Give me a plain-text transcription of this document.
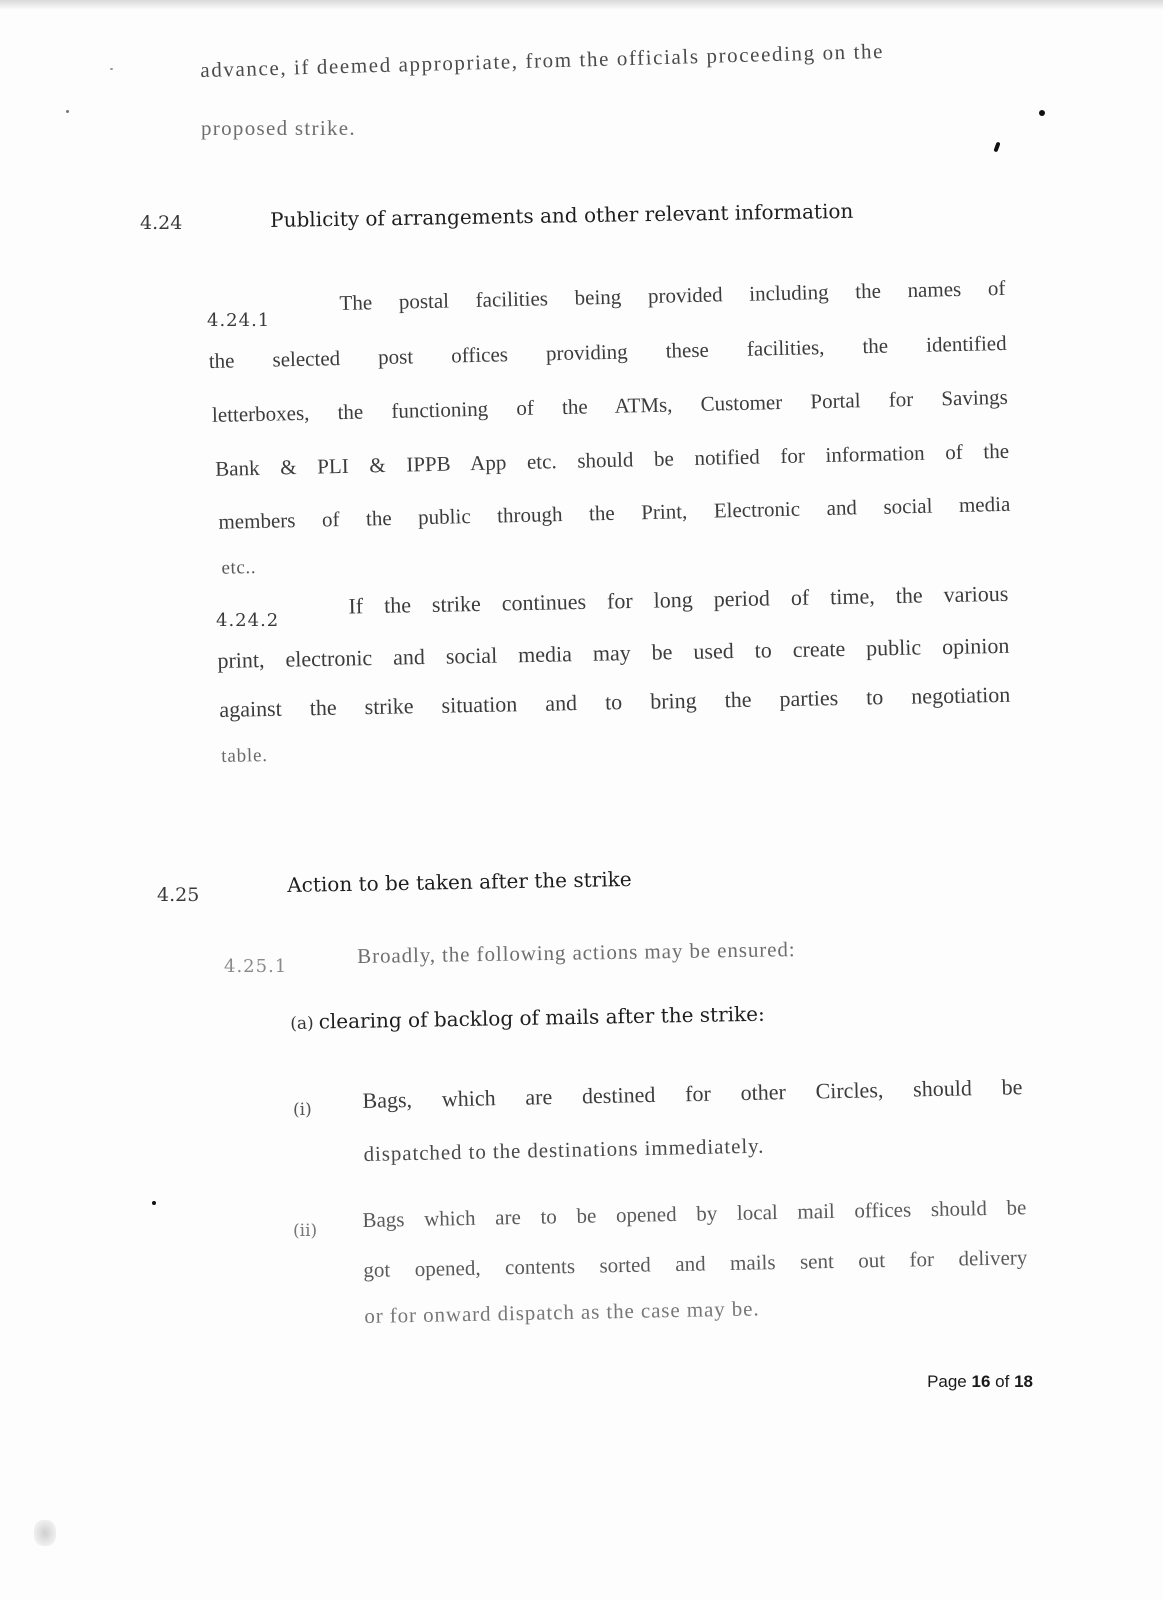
advance, if deemed appropriate, from the officials proceeding on the

proposed strike.

4.24	Publicity of arrangements and other relevant information

4.24.1

The postal facilities being provided including the names of

the selected post offices providing these facilities, the identified

letterboxes, the functioning of the ATMs, Customer Portal for Savings

Bank & PLI & IPPB App etc. should be notified for information of the

members of the public through the Print, Electronic and social media

etc..

4.24.2

If the strike continues for long period of time, the various

print, electronic and social media may be used to create public opinion

against the strike situation and to bring the parties to negotiation

table.

4.25	Action to be taken after the strike

4.25.1	Broadly, the following actions may be ensured:

(a) clearing of backlog of mails after the strike:

(i) Bags, which are destined for other Circles, should be

dispatched to the destinations immediately.

(ii) Bags which are to be opened by local mail offices should be

got opened, contents sorted and mails sent out for delivery

or for onward dispatch as the case may be.

Page 16 of 18
